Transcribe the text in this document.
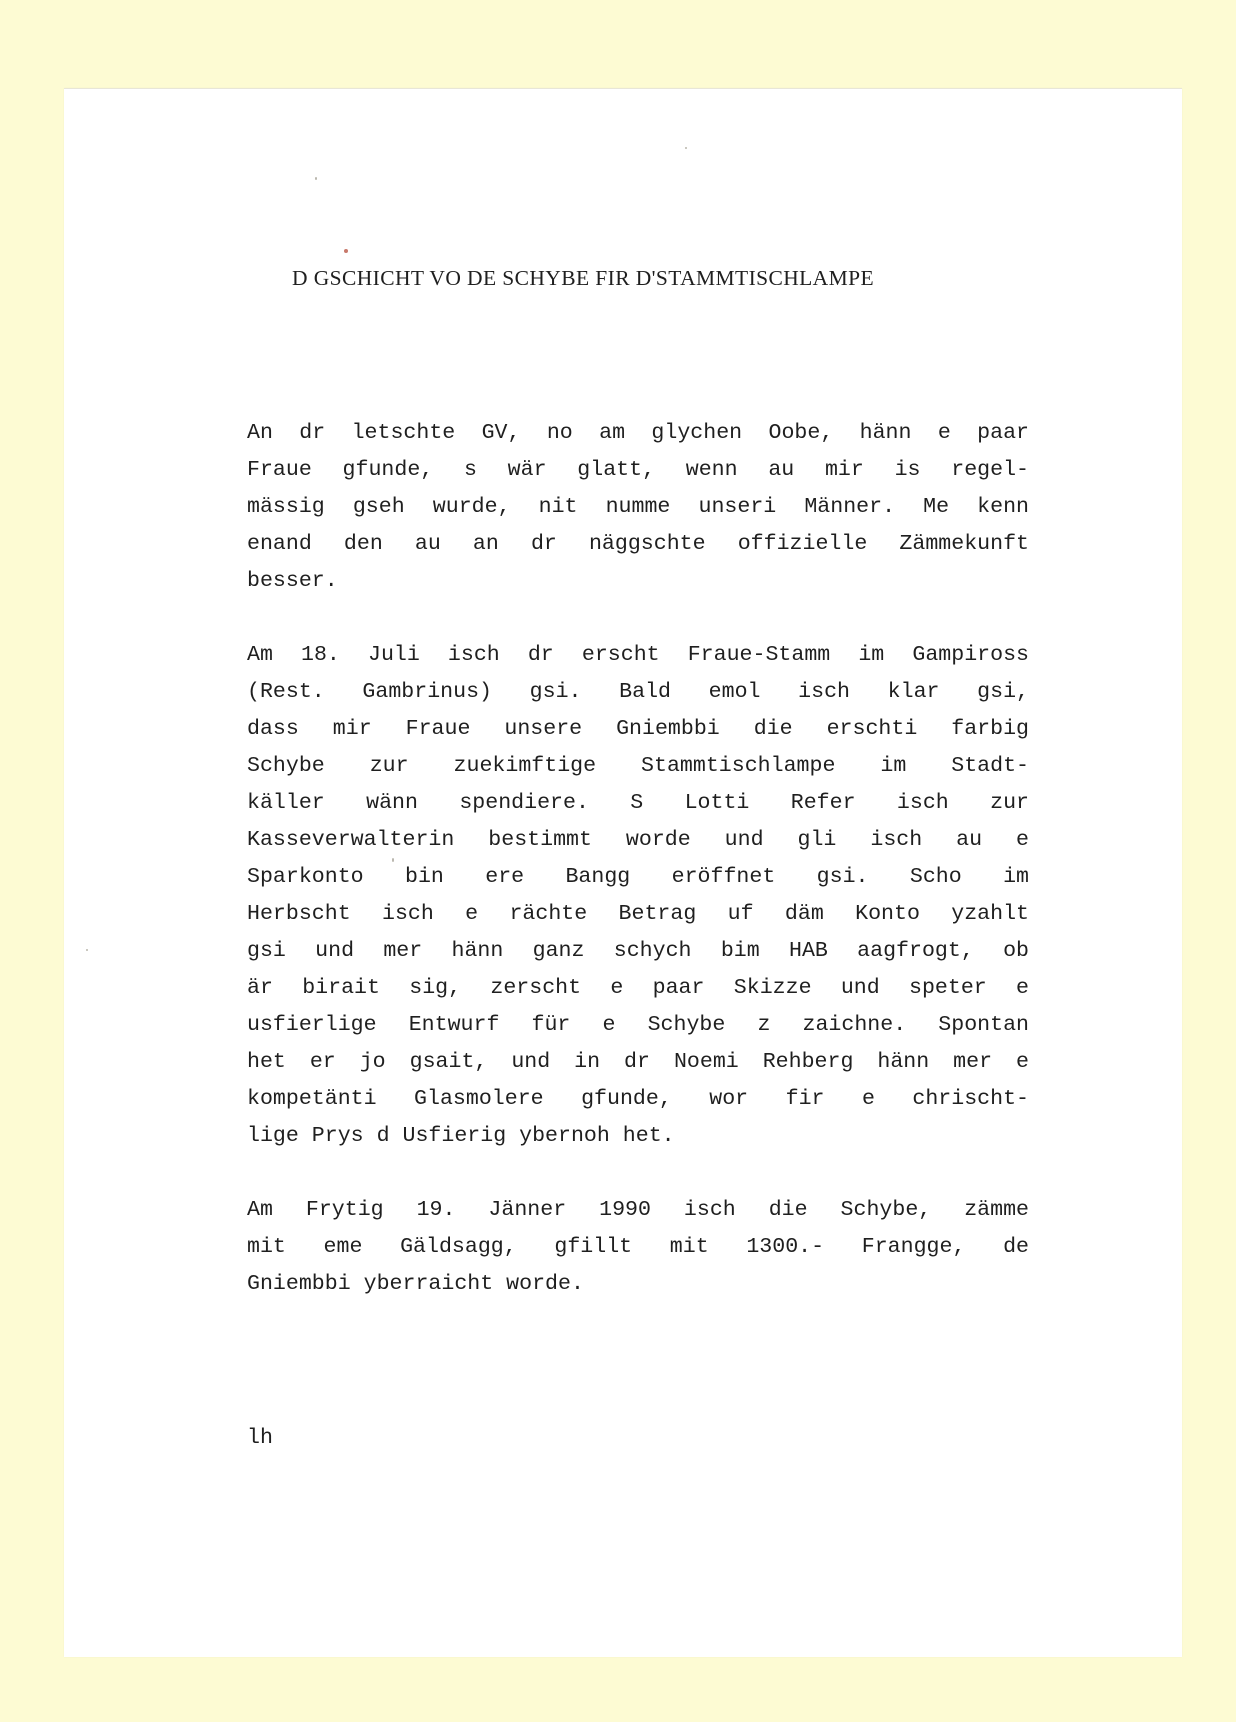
D GSCHICHT VO DE SCHYBE FIR D'STAMMTISCHLAMPE
An dr letschte GV, no am glychen Oobe, hänn e paar
Fraue gfunde, s wär glatt, wenn au mir is regel-
mässig gseh wurde, nit numme unseri Männer. Me kenn
enand den au an dr näggschte offizielle Zämmekunft
besser.
Am 18. Juli isch dr erscht Fraue-Stamm im Gampiross
(Rest. Gambrinus) gsi. Bald emol isch klar gsi,
dass mir Fraue unsere Gniembbi die erschti farbig
Schybe zur zuekimftige Stammtischlampe im Stadt-
käller wänn spendiere. S Lotti Refer isch zur
Kasseverwalterin bestimmt worde und gli isch au e
Sparkonto bin ere Bangg eröffnet gsi. Scho im
Herbscht isch e rächte Betrag uf däm Konto yzahlt
gsi und mer hänn ganz schych bim HAB aagfrogt, ob
är birait sig, zerscht e paar Skizze und speter e
usfierlige Entwurf für e Schybe z zaichne. Spontan
het er jo gsait, und in dr Noemi Rehberg hänn mer e
kompetänti Glasmolere gfunde, wor fir e chrischt-
lige Prys d Usfierig ybernoh het.
Am Frytig 19. Jänner 1990 isch die Schybe, zämme
mit eme Gäldsagg, gfillt mit 1300.- Frangge, de
Gniembbi yberraicht worde.
lh
